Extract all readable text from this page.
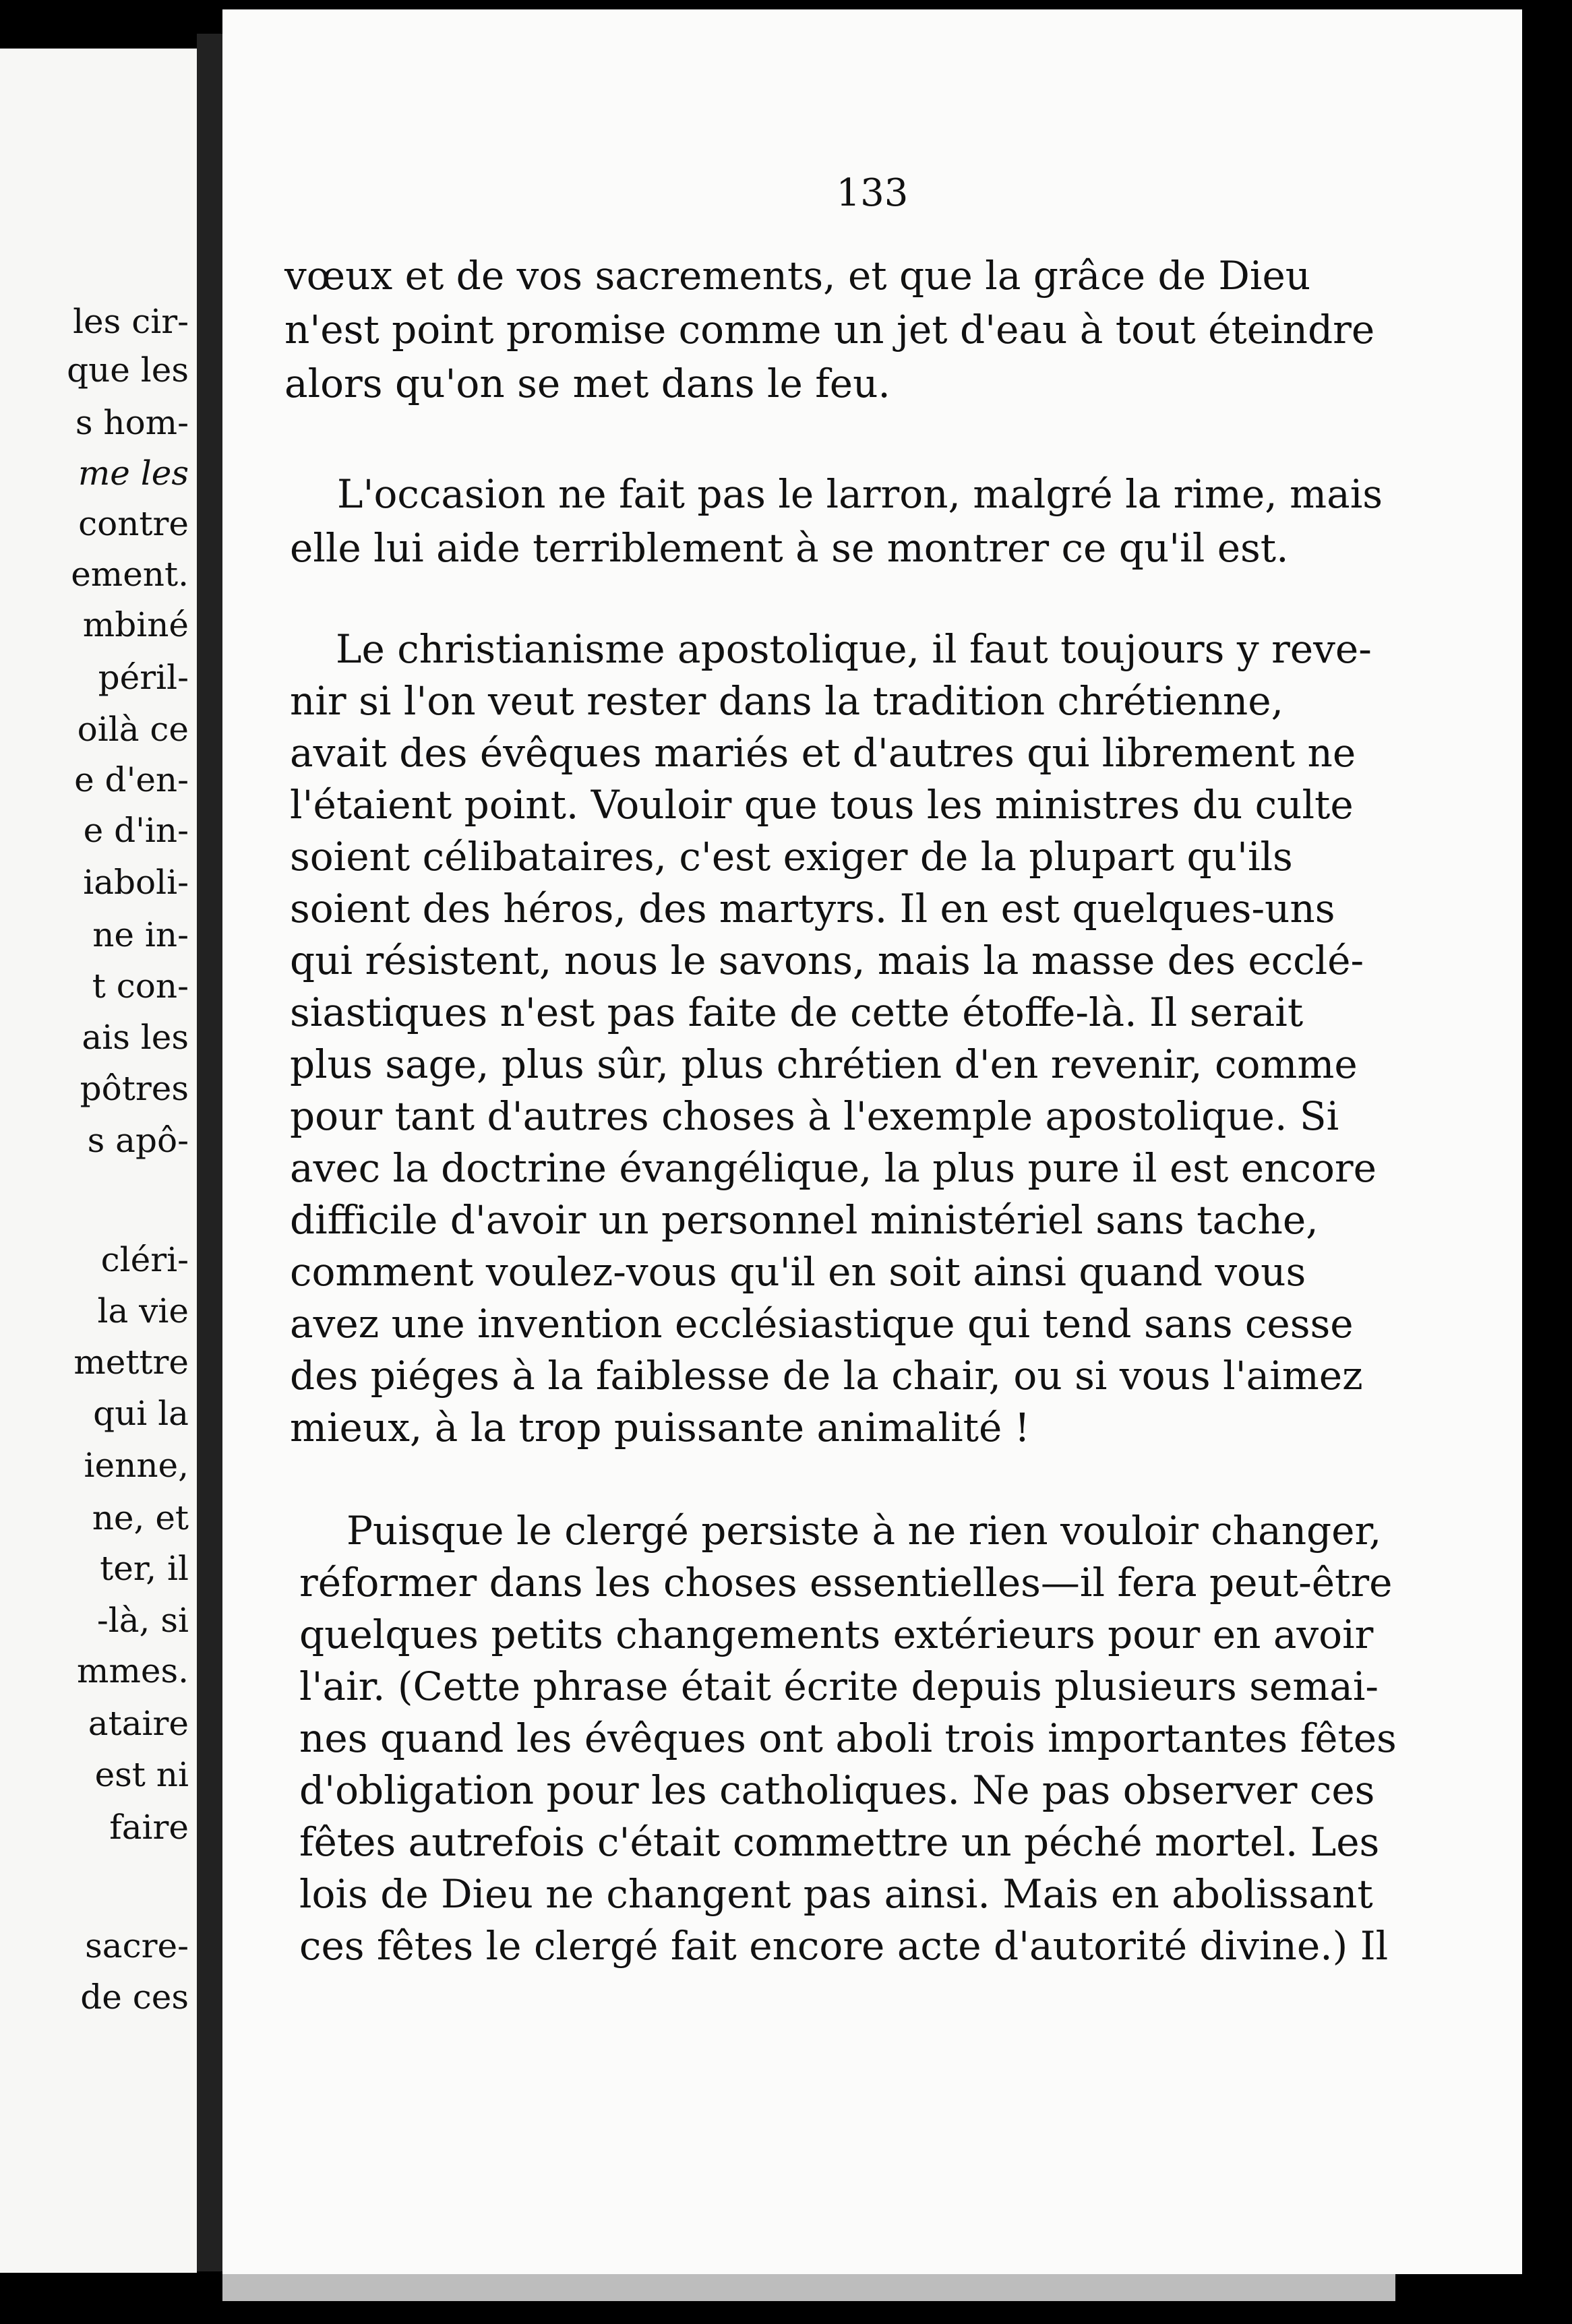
les cir-
que les
s hom-
me les
contre
ement.
mbiné
péril-
oilà ce
e d'en-
e d'in-
iaboli-
ne in-
t con-
ais les
pôtres
s apô-
cléri-
la vie
mettre
qui la
ienne,
ne, et
ter, il
-là, si
mmes.
ataire
est ni
faire
sacre-
de ces
133
vœux et de vos sacrements, et que la grâce de Dieu
n'est point promise comme un jet d'eau à tout éteindre
alors qu'on se met dans le feu.
L'occasion ne fait pas le larron, malgré la rime, mais
elle lui aide terriblement à se montrer ce qu'il est.
Le christianisme apostolique, il faut toujours y reve-
nir si l'on veut rester dans la tradition chrétienne,
avait des évêques mariés et d'autres qui librement ne
l'étaient point. Vouloir que tous les ministres du culte
soient célibataires, c'est exiger de la plupart qu'ils
soient des héros, des martyrs. Il en est quelques-uns
qui résistent, nous le savons, mais la masse des ecclé-
siastiques n'est pas faite de cette étoffe-là. Il serait
plus sage, plus sûr, plus chrétien d'en revenir, comme
pour tant d'autres choses à l'exemple apostolique. Si
avec la doctrine évangélique, la plus pure il est encore
difficile d'avoir un personnel ministériel sans tache,
comment voulez-vous qu'il en soit ainsi quand vous
avez une invention ecclésiastique qui tend sans cesse
des piéges à la faiblesse de la chair, ou si vous l'aimez
mieux, à la trop puissante animalité !
Puisque le clergé persiste à ne rien vouloir changer,
réformer dans les choses essentielles—il fera peut-être
quelques petits changements extérieurs pour en avoir
l'air. (Cette phrase était écrite depuis plusieurs semai-
nes quand les évêques ont aboli trois importantes fêtes
d'obligation pour les catholiques. Ne pas observer ces
fêtes autrefois c'était commettre un péché mortel. Les
lois de Dieu ne changent pas ainsi. Mais en abolissant
ces fêtes le clergé fait encore acte d'autorité divine.) Il
